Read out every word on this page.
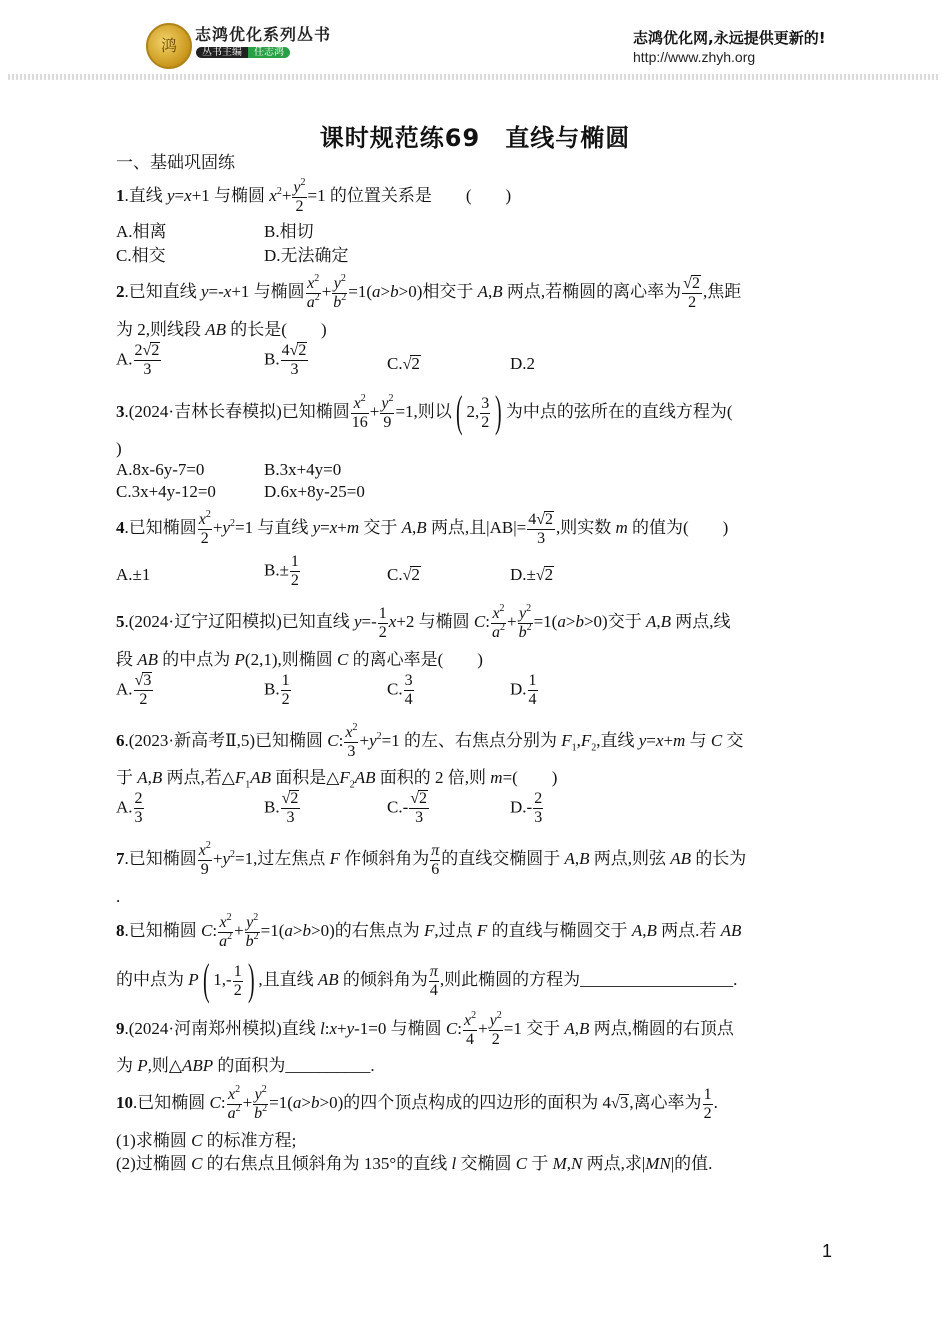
鸿
志鸿优化系列丛书
丛书主编 任志鸿
志鸿优化网,永远提供更新的!
http://www.zhyh.org
课时规范练69　直线与椭圆
一、基础巩固练
1.直线 y=x+1 与椭圆 $x^2+ \frac{y^2}{2} =1$ 的位置关系是　　 (　　)
A.相离	B.相切
C.相交	D.无法确定
2.已知直线 y=-x+1 与椭圆 $\frac{x^2}{a^2} + \frac{y^2}{b^2} =1(a>b>0)$相交于 A,B 两点,若椭圆的离心率为 $\frac{√2}{2}$ ,焦距
为 2,则线段 AB 的长是(　　)
A. $\frac{2√2}{3}$	B. $\frac{4√2}{3}$	C.√2	D.2
3.(2024·吉林长春模拟)已知椭圆 $\frac{x^2}{16} + \frac{y^2}{9} =1$,则以( 2, $\frac{3}{2}$ ) 为中点的弦所在的直线方程为(
)
A.8x-6y-7=0	B.3x+4y=0
C.3x+4y-12=0	D.6x+8y-25=0
4.已知椭圆 $\frac{x^2}{2} +y^2=1$ 与直线 y=x+m 交于 A,B 两点,且$|AB|= \frac{4√2}{3}$ ,则实数 m 的值为(　　)
A.±1	$B.\pm \frac{1}{2}$	C.√2	D.±√2
5.(2024·辽宁辽阳模拟)已知直线 $y=- \frac{1}{2} x+2$ 与椭圆 C: $\frac{x^2}{a^2} + \frac{y^2}{b^2} =1(a>b>0)$交于 A,B 两点,线
段 AB 的中点为 P(2,1),则椭圆 C 的离心率是(　　)
A. $\frac{√3}{2}$	B. $\frac{1}{2}$	C. $\frac{3}{4}$	D. $\frac{1}{4}$
6.(2023·新高考Ⅱ,5)已知椭圆 C: $\frac{x^2}{3} +y^2=1$ 的左、右焦点分别为 $F_1,F_2$,直线 y=x+m 与 C 交
于 A,B 两点,若$\triangle F_1AB$ 面积是$\triangle F_2AB$ 面积的 2 倍,则 m=(　　)
A. $\frac{2}{3}$	B. $\frac{√2}{3}$	$C.- \frac{√2}{3}$	$D.- \frac{2}{3}$
7.已知椭圆 $\frac{x^2}{9} +y^2=1$,过左焦点 F 作倾斜角为 $\frac{\pi}{6}$ 的直线交椭圆于 A,B 两点,则弦 AB 的长为
.
8.已知椭圆 C: $\frac{x^2}{a^2} + \frac{y^2}{b^2} =1(a>b>0)$的右焦点为 F,过点 F 的直线与椭圆交于 A,B 两点.若 AB
的中点为 P( $1,- \frac{1}{2}$ ) ,且直线 AB 的倾斜角为 $\frac{\pi}{4}$ ,则此椭圆的方程为__________________.
9.(2024·河南郑州模拟)直线 l:x+y-1=0 与椭圆 C: $\frac{x^2}{4} + \frac{y^2}{2} =1$ 交于 A,B 两点,椭圆的右顶点
为 P,则△ABP 的面积为__________.
10.已知椭圆 C: $\frac{x^2}{a^2} + \frac{y^2}{b^2} =1(a>b>0)$的四个顶点构成的四边形的面积为 4√3,离心率为 $\frac{1}{2}$ .
(1)求椭圆 C 的标准方程;
(2)过椭圆 C 的右焦点且倾斜角为 135°的直线 l 交椭圆 C 于 M,N 两点,求|MN|的值.
1
